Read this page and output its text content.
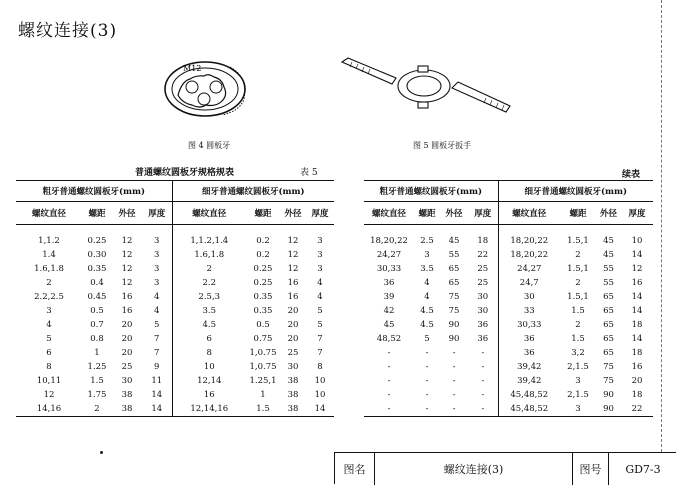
螺纹连接(3)
M12
图 4 圆板牙	图 5 圆板牙扳手
普通螺纹圆板牙规格规表	表 5
粗牙普通螺纹圆板牙(mm)				细牙普通螺纹圆板牙(mm)			
螺纹直径	螺距	外径	厚度	螺纹直径	螺距	外径	厚度
1,1.2	0.25	12	3	1,1.2,1.4	0.2	12	3
1.4	0.30	12	3	1.6,1.8	0.2	12	3
1.6,1.8	0.35	12	3	2	0.25	12	3
2	0.4	12	3	2.2	0.25	16	4
2.2,2.5	0.45	16	4	2.5,3	0.35	16	4
3	0.5	16	4	3.5	0.35	20	5
4	0.7	20	5	4.5	0.5	20	5
5	0.8	20	7	6	0.75	20	7
6	1	20	7	8	1,0.75	25	7
8	1.25	25	9	10	1,0.75	30	8
10,11	1.5	30	11	12,14	1.25,1	38	10
12	1.75	38	14	16	1	38	10
14,16	2	38	14	12,14,16	1.5	38	14
续表
粗牙普通螺纹圆板牙(mm)				细牙普通螺纹圆板牙(mm)			
螺纹直径	螺距	外径	厚度	螺纹直径	螺距	外径	厚度
18,20,22	2.5	45	18	18,20,22	1.5,1	45	10
24,27	3	55	22	18,20,22	2	45	14
30,33	3.5	65	25	24,27	1.5,1	55	12
36	4	65	25	24,7	2	55	16
39	4	75	30	30	1.5,1	65	14
42	4.5	75	30	33	1.5	65	14
45	4.5	90	36	30,33	2	65	18
48,52	5	90	36	36	1.5	65	14
-	-	-	-	36	3,2	65	18
-	-	-	-	39,42	2,1.5	75	16
-	-	-	-	39,42	3	75	20
-	-	-	-	45,48,52	2,1.5	90	18
-	-	-	-	45,48,52	3	90	22
图名	螺纹连接(3)	图号	GD7-3
